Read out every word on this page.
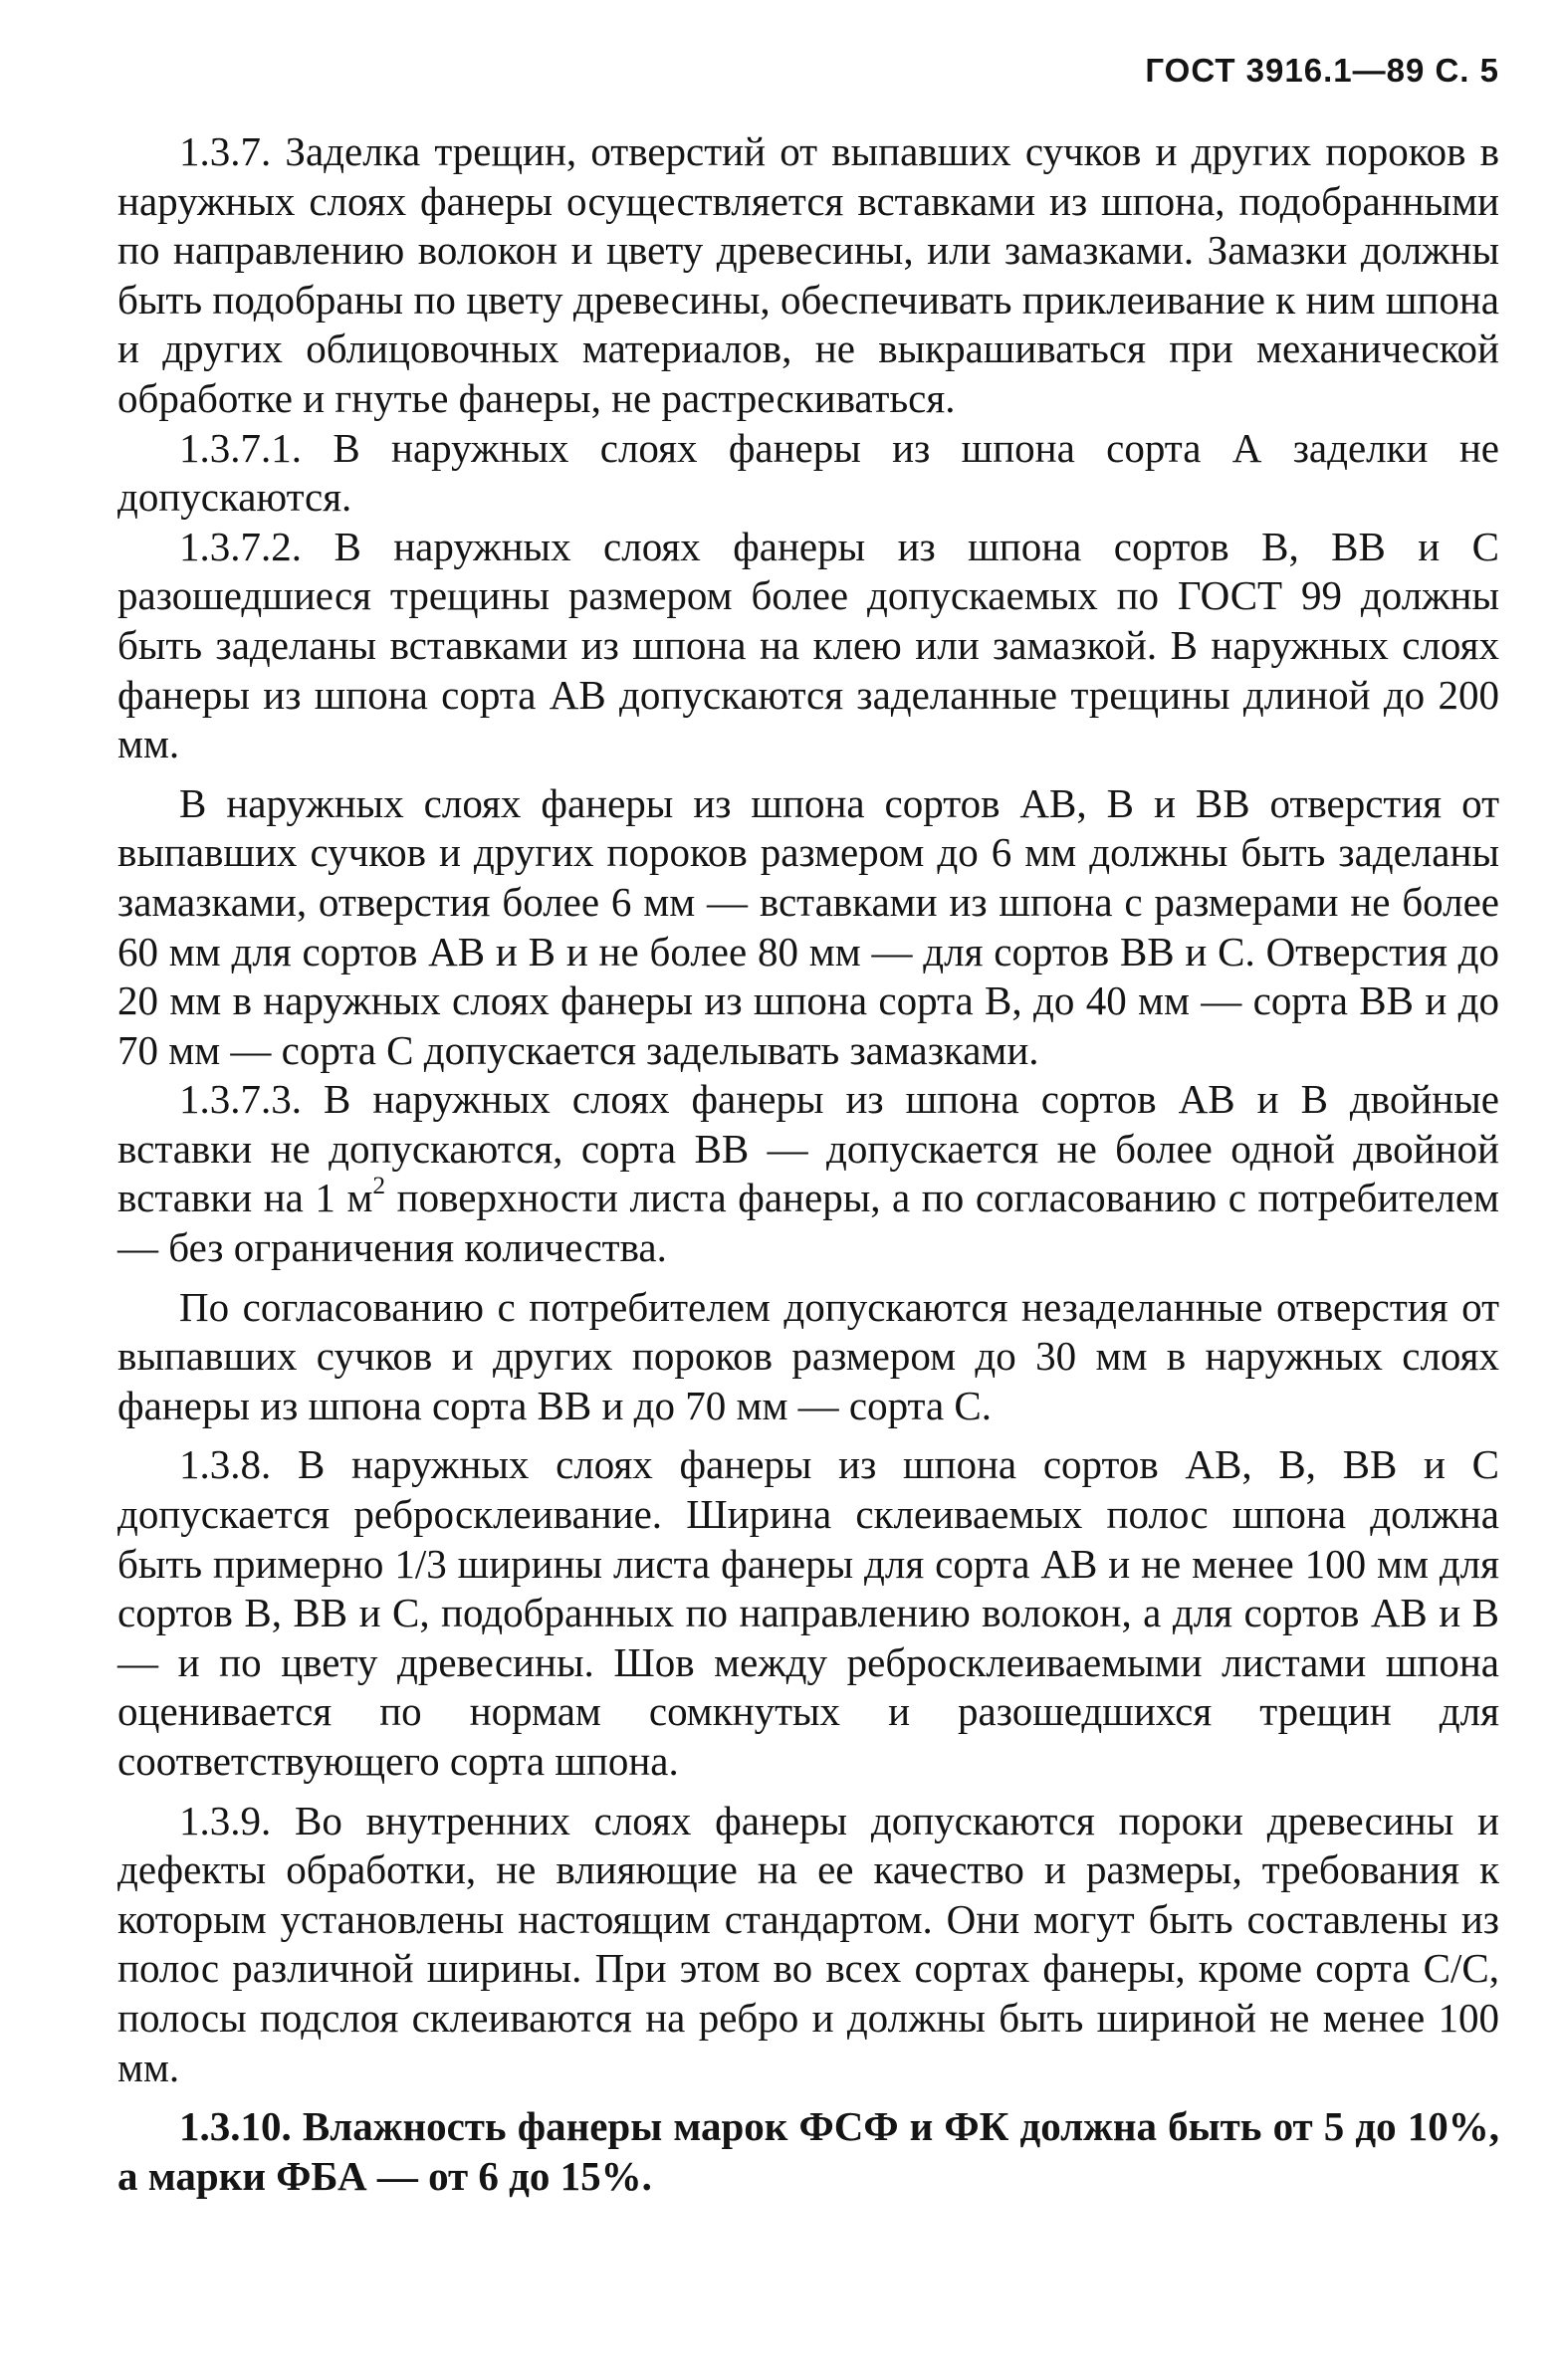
ГОСТ 3916.1—89 С. 5

1.3.7. Заделка трещин, отверстий от выпавших сучков и других пороков в наружных слоях фанеры осуществляется вставками из шпона, подобранными по направлению волокон и цвету древесины, или замазками. Замазки должны быть подобраны по цвету древесины, обеспечивать приклеивание к ним шпона и других облицовочных материалов, не выкрашиваться при механической обработке и гнутье фанеры, не растрескиваться.

1.3.7.1. В наружных слоях фанеры из шпона сорта А заделки не допускаются.

1.3.7.2. В наружных слоях фанеры из шпона сортов В, ВВ и С разошедшиеся трещины размером более допускаемых по ГОСТ 99 должны быть заделаны вставками из шпона на клею или замазкой. В наружных слоях фанеры из шпона сорта АВ допускаются заделанные трещины длиной до 200 мм.

В наружных слоях фанеры из шпона сортов АВ, В и ВВ отверстия от выпавших сучков и других пороков размером до 6 мм должны быть заделаны замазками, отверстия более 6 мм — вставками из шпона с размерами не более 60 мм для сортов АВ и В и не более 80 мм — для сортов ВВ и С. Отверстия до 20 мм в наружных слоях фанеры из шпона сорта В, до 40 мм — сорта ВВ и до 70 мм — сорта С допускается заделывать замазками.

1.3.7.3. В наружных слоях фанеры из шпона сортов АВ и В двойные вставки не допускаются, сорта ВВ — допускается не более одной двойной вставки на 1 $м^2$ поверхности листа фанеры, а по согласованию с потребителем — без ограничения количества.

По согласованию с потребителем допускаются незаделанные отверстия от выпавших сучков и других пороков размером до 30 мм в наружных слоях фанеры из шпона сорта ВВ и до 70 мм — сорта С.

1.3.8. В наружных слоях фанеры из шпона сортов АВ, В, ВВ и С допускается ребросклеивание. Ширина склеиваемых полос шпона должна быть примерно 1/3 ширины листа фанеры для сорта АВ и не менее 100 мм для сортов В, ВВ и С, подобранных по направлению волокон, а для сортов АВ и В — и по цвету древесины. Шов между ребросклеиваемыми листами шпона оценивается по нормам сомкнутых и разошедшихся трещин для соответствующего сорта шпона.

1.3.9. Во внутренних слоях фанеры допускаются пороки древесины и дефекты обработки, не влияющие на ее качество и размеры, требования к которым установлены настоящим стандартом. Они могут быть составлены из полос различной ширины. При этом во всех сортах фанеры, кроме сорта С/С, полосы подслоя склеиваются на ребро и должны быть шириной не менее 100 мм.

1.3.10. Влажность фанеры марок ФСФ и ФК должна быть от 5 до 10%, а марки ФБА — от 6 до 15%.
